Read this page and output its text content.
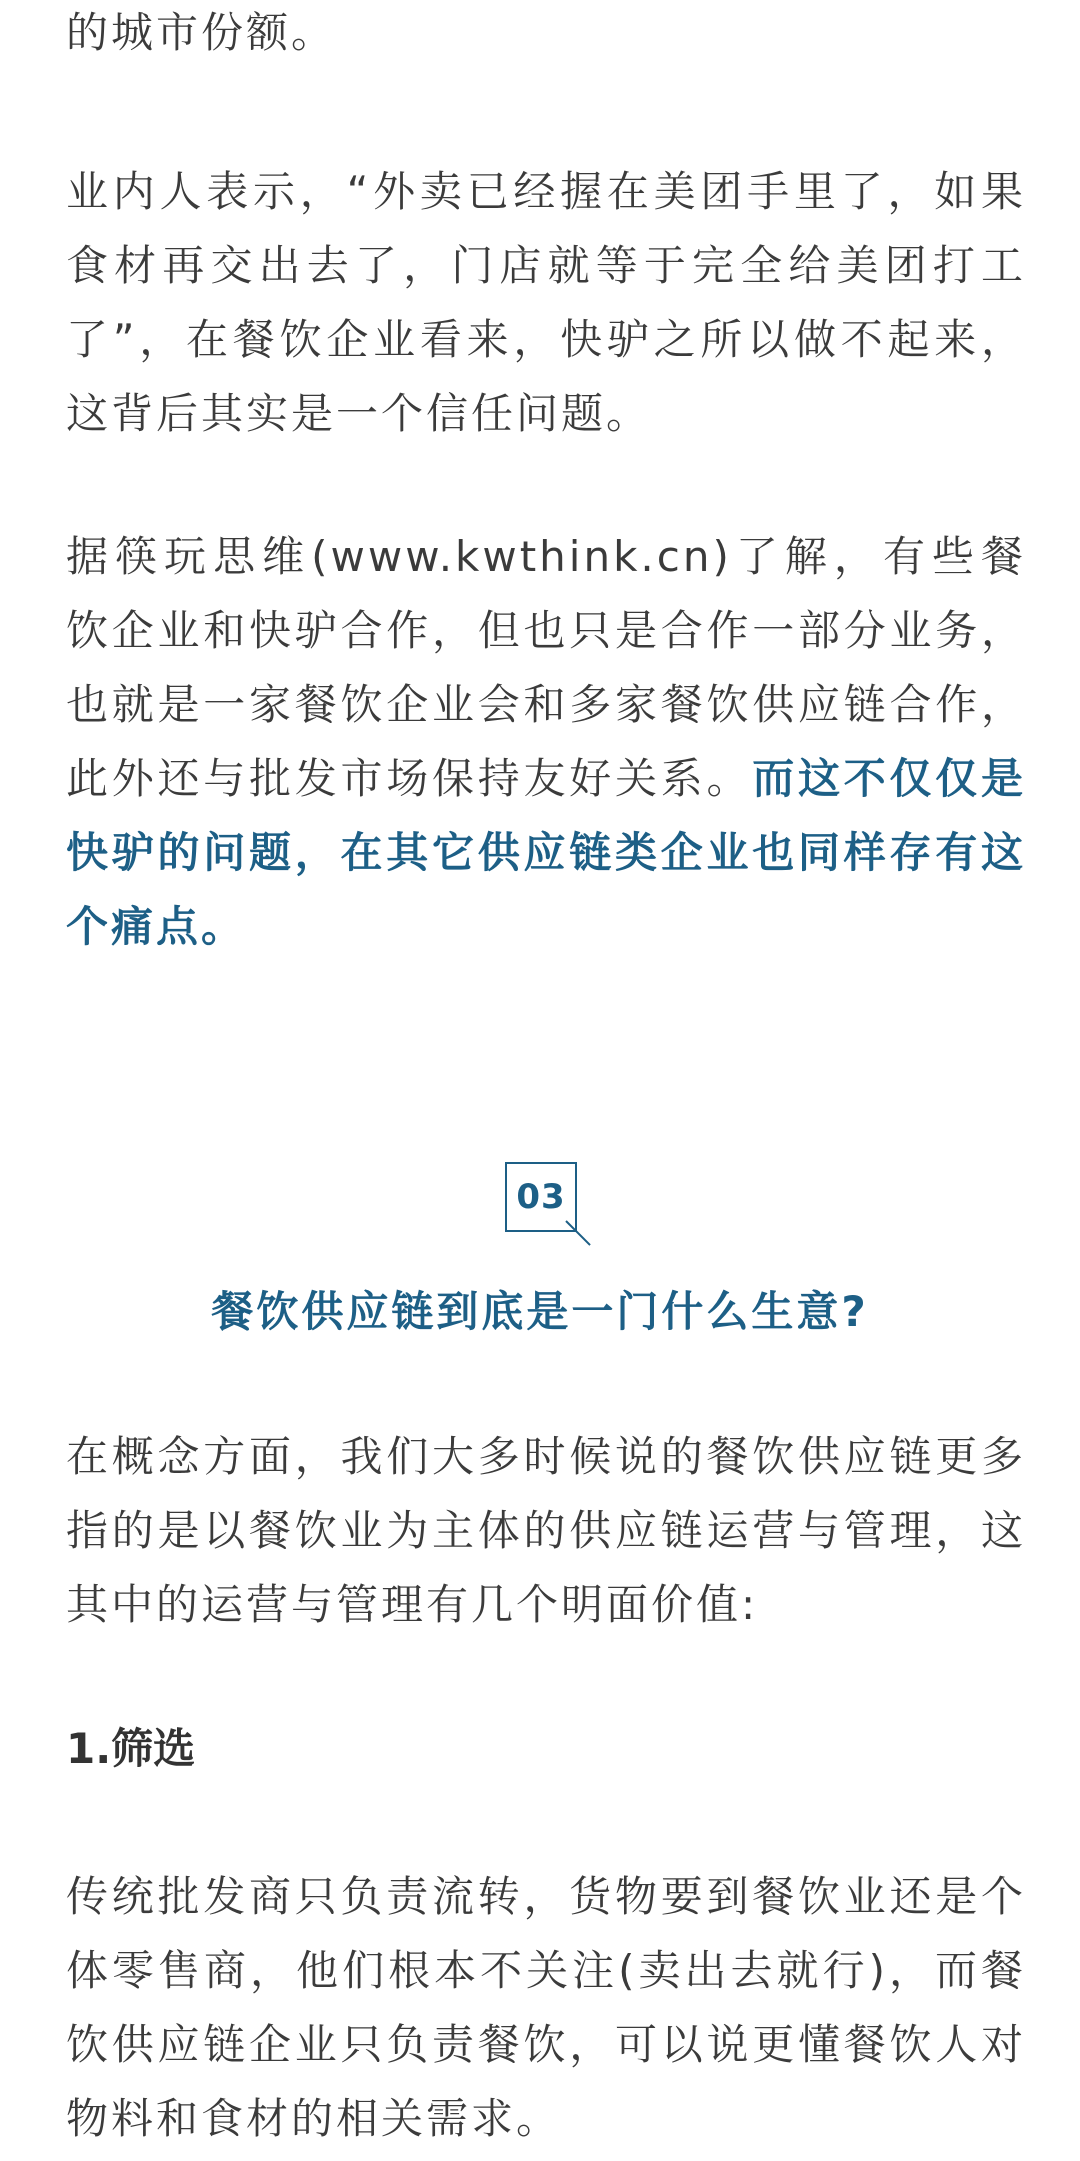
的城市份额。

业内人表示，“外卖已经握在美团手里了，如果食材再交出去了，门店就等于完全给美团打工了”，在餐饮企业看来，快驴之所以做不起来，这背后其实是一个信任问题。

据筷玩思维(www.kwthink.cn)了解，有些餐饮企业和快驴合作，但也只是合作一部分业务，也就是一家餐饮企业会和多家餐饮供应链合作，此外还与批发市场保持友好关系。而这不仅仅是快驴的问题，在其它供应链类企业也同样存有这个痛点。

03
餐饮供应链到底是一门什么生意?

在概念方面，我们大多时候说的餐饮供应链更多指的是以餐饮业为主体的供应链运营与管理，这其中的运营与管理有几个明面价值:

1.筛选

传统批发商只负责流转，货物要到餐饮业还是个体零售商，他们根本不关注(卖出去就行)，而餐饮供应链企业只负责餐饮，可以说更懂餐饮人对物料和食材的相关需求。
